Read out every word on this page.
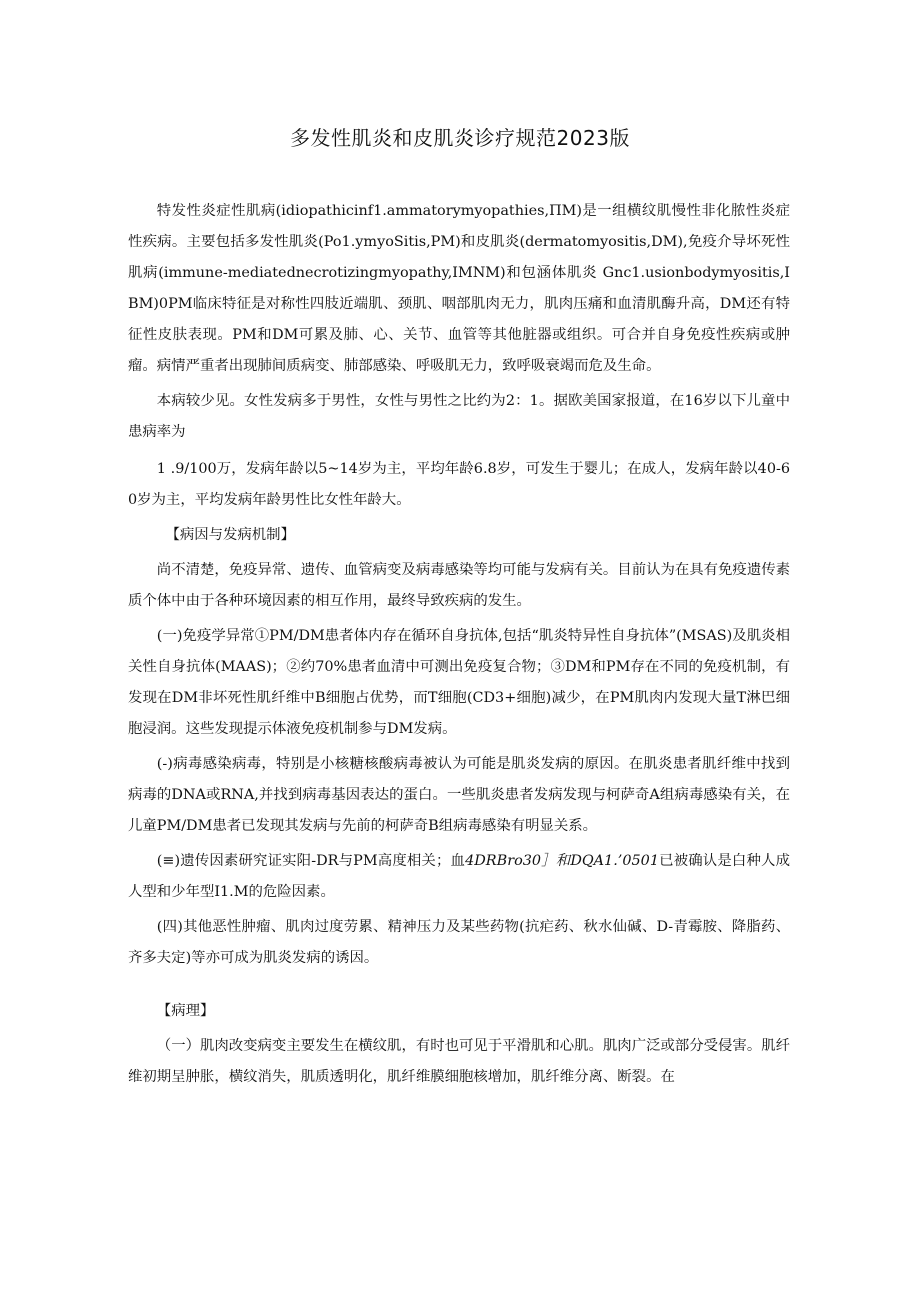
多发性肌炎和皮肌炎诊疗规范2023版

特发性炎症性肌病(idiopathicinf1.ammatorymyopathies,ПМ)是一组横纹肌慢性非化脓性炎症性疾病。主要包括多发性肌炎(Po1.ymyoSitis,PM)和皮肌炎(dermatomyositis,DM),免疫介导坏死性肌病(immune-mediatednecrotizingmyopathy,IMNM)和包涵体肌炎 Gnc1.usionbodymyositis,IBM)0PM临床特征是对称性四肢近端肌、颈肌、咽部肌肉无力，肌肉压痛和血清肌酶升高，DM还有特征性皮肤表现。PM和DM可累及肺、心、关节、血管等其他脏器或组织。可合并自身免疫性疾病或肿瘤。病情严重者出现肺间质病变、肺部感染、呼吸肌无力，致呼吸衰竭而危及生命。

本病较少见。女性发病多于男性，女性与男性之比约为2：1。据欧美国家报道，在16岁以下儿童中患病率为

1 .9/100万，发病年龄以5~14岁为主，平均年龄6.8岁，可发生于婴儿；在成人，发病年龄以40-60岁为主，平均发病年龄男性比女性年龄大。

【病因与发病机制】

尚不清楚，免疫异常、遗传、血管病变及病毒感染等均可能与发病有关。目前认为在具有免疫遗传素质个体中由于各种环境因素的相互作用，最终导致疾病的发生。

(一)免疫学异常①PM/DM患者体内存在循环自身抗体,包括“肌炎特异性自身抗体”(MSAS)及肌炎相关性自身抗体(MAAS)；②约70%患者血清中可测出免疫复合物；③DM和PM存在不同的免疫机制，有发现在DM非坏死性肌纤维中B细胞占优势，而T细胞(CD3+细胞)减少，在PM肌肉内发现大量T淋巴细胞浸润。这些发现提示体液免疫机制参与DM发病。

(-)病毒感染病毒，特别是小核糖核酸病毒被认为可能是肌炎发病的原因。在肌炎患者肌纤维中找到病毒的DNA或RNA,并找到病毒基因表达的蛋白。一些肌炎患者发病发现与柯萨奇A组病毒感染有关，在儿童PM/DM患者已发现其发病与先前的柯萨奇B组病毒感染有明显关系。

(≡)遗传因素研究证实阳-DR与PM高度相关；血4DRBro30］和DQA1.’0501已被确认是白种人成人型和少年型I1.M的危险因素。

(四)其他恶性肿瘤、肌肉过度劳累、精神压力及某些药物(抗疟药、秋水仙碱、D-青霉胺、降脂药、齐多夫定)等亦可成为肌炎发病的诱因。

【病理】

（一）肌肉改变病变主要发生在横纹肌，有时也可见于平滑肌和心肌。肌肉广泛或部分受侵害。肌纤维初期呈肿胀，横纹消失，肌质透明化，肌纤维膜细胞核增加，肌纤维分离、断裂。在
